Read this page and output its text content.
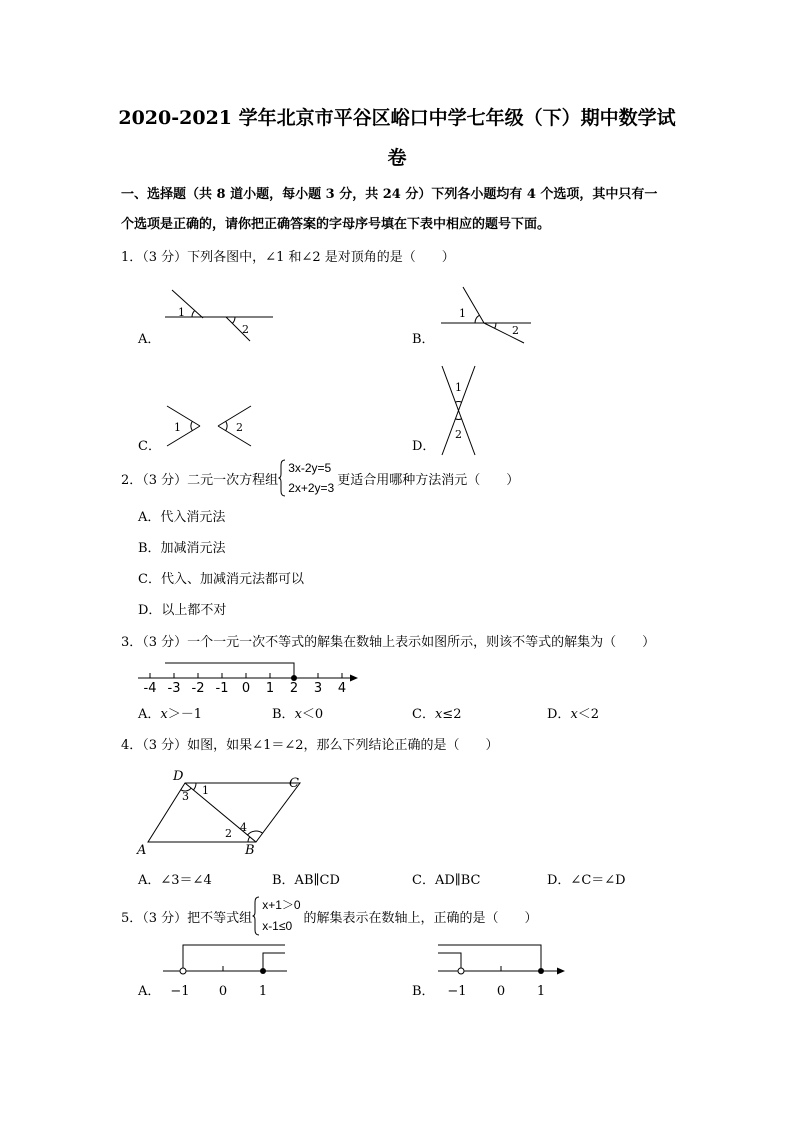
1
2
1
2
1	2
1
2
-4 -3 -2 -1 0 1 2 3 4
D	C
A	B
3 1
2 4
−1 0 1	−1 0 1
2020-2021 学年北京市平谷区峪口中学七年级（下）期中数学试
卷
一、选择题（共 8 道小题，每小题 3 分，共 24 分）下列各小题均有 4 个选项，其中只有一
个选项是正确的，请你把正确答案的字母序号填在下表中相应的题号下面。
1．（3 分）下列各图中，∠1 和∠2 是对顶角的是（　　）
A．	B．
C．	D．
2．（3 分）二元一次方程组
3x-2y=5
2x+2y=3
更适合用哪种方法消元（　　）
A．代入消元法
B．加减消元法
C．代入、加减消元法都可以
D．以上都不对
3．（3 分）一个一元一次不等式的解集在数轴上表示如图所示，则该不等式的解集为（　　）
A．x＞－1	B．x＜0	C．x≤2	D．x＜2
4．（3 分）如图，如果∠1＝∠2，那么下列结论正确的是（　　）
A．∠3＝∠4	B．AB∥CD	C．AD∥BC	D．∠C＝∠D
5．（3 分）把不等式组
x+1＞0
x-1≤0
的解集表示在数轴上，正确的是（　　）
A．	B．
